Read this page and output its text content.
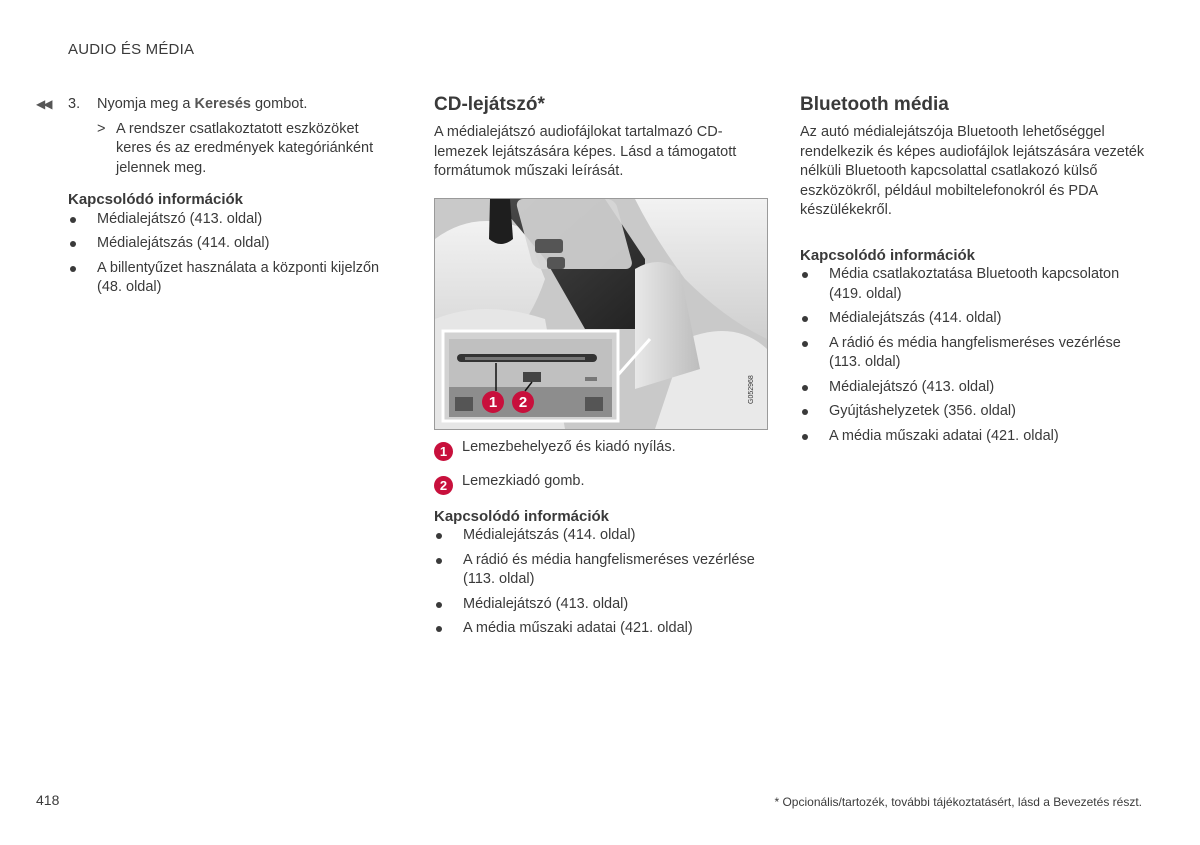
AUDIO ÉS MÉDIA
◀◀ 3. Nyomja meg a Keresés gombot.
> A rendszer csatlakoztatott eszközöket keres és az eredmények kategóriánként jelennek meg.

Kapcsolódó információk

Médialejátszó (413. oldal)
Médialejátszás (414. oldal)
A billentyűzet használata a központi kijelzőn (48. oldal)
CD-lejátszó*

A médialejátszó audiofájlokat tartalmazó CD-lemezek lejátszására képes. Lásd a támogatott formátumok műszaki leírását.

1 2	G052968
1	Lemezbehelyező és kiadó nyílás.
2	Lemezkiadó gomb.

Kapcsolódó információk

Médialejátszás (414. oldal)
A rádió és média hangfelismeréses vezérlése (113. oldal)
Médialejátszó (413. oldal)
A média műszaki adatai (421. oldal)
Bluetooth média

Az autó médialejátszója Bluetooth lehetőséggel rendelkezik és képes audiofájlok lejátszására vezeték nélküli Bluetooth kapcsolattal csatlakozó külső eszközökről, például mobiltelefonokról és PDA készülékekről.

Kapcsolódó információk

Média csatlakoztatása Bluetooth kapcsolaton (419. oldal)
Médialejátszás (414. oldal)
A rádió és média hangfelismeréses vezérlése (113. oldal)
Médialejátszó (413. oldal)
Gyújtáshelyzetek (356. oldal)
A média műszaki adatai (421. oldal)
418	* Opcionális/tartozék, további tájékoztatásért, lásd a Bevezetés részt.
